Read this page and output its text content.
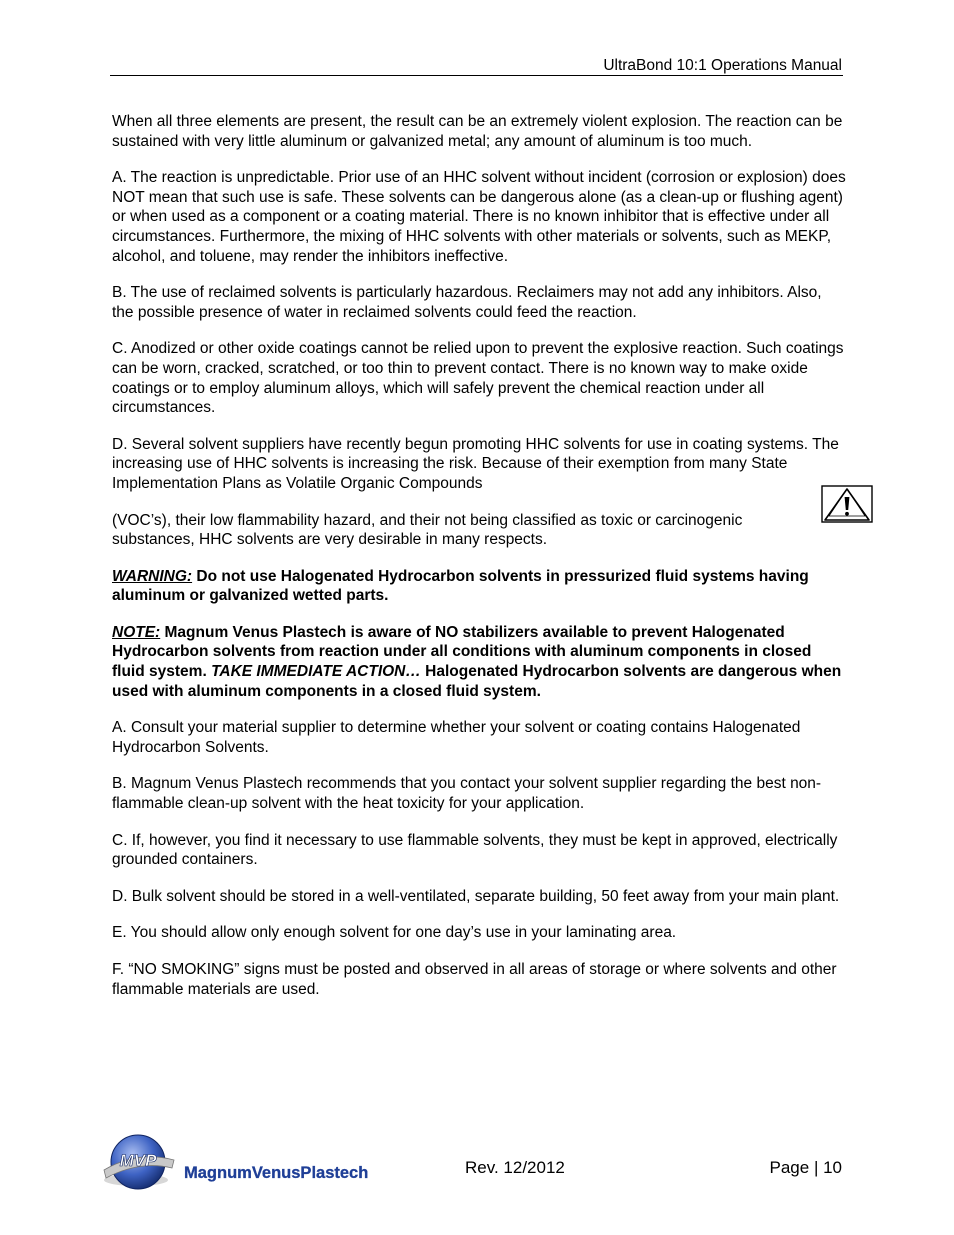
UltraBond 10:1 Operations Manual

When all three elements are present, the result can be an extremely violent explosion. The reaction can be sustained with very little aluminum or galvanized metal; any amount of aluminum is too much.

A. The reaction is unpredictable. Prior use of an HHC solvent without incident (corrosion or explosion) does NOT mean that such use is safe. These solvents can be dangerous alone (as a clean-up or flushing agent) or when used as a component or a coating material. There is no known inhibitor that is effective under all circumstances. Furthermore, the mixing of HHC solvents with other materials or solvents, such as MEKP, alcohol, and toluene, may render the inhibitors ineffective.

B. The use of reclaimed solvents is particularly hazardous. Reclaimers may not add any inhibitors. Also, the possible presence of water in reclaimed solvents could feed the reaction.

C. Anodized or other oxide coatings cannot be relied upon to prevent the explosive reaction. Such coatings can be worn, cracked, scratched, or too thin to prevent contact. There is no known way to make oxide coatings or to employ aluminum alloys, which will safely prevent the chemical reaction under all circumstances.

D. Several solvent suppliers have recently begun promoting HHC solvents for use in coating systems. The increasing use of HHC solvents is increasing the risk. Because of their exemption from many State Implementation Plans as Volatile Organic Compounds

(VOC’s), their low flammability hazard, and their not being classified as toxic or carcinogenic substances, HHC solvents are very desirable in many respects.

WARNING: Do not use Halogenated Hydrocarbon solvents in pressurized fluid systems having aluminum or galvanized wetted parts.

NOTE: Magnum Venus Plastech is aware of NO stabilizers available to prevent Halogenated Hydrocarbon solvents from reaction under all conditions with aluminum components in closed fluid system. TAKE IMMEDIATE ACTION… Halogenated Hydrocarbon solvents are dangerous when used with aluminum components in a closed fluid system.

A. Consult your material supplier to determine whether your solvent or coating contains Halogenated Hydrocarbon Solvents.

B. Magnum Venus Plastech recommends that you contact your solvent supplier regarding the best non-flammable clean-up solvent with the heat toxicity for your application.

C. If, however, you find it necessary to use flammable solvents, they must be kept in approved, electrically grounded containers.

D. Bulk solvent should be stored in a well-ventilated, separate building, 50 feet away from your main plant.

E. You should allow only enough solvent for one day’s use in your laminating area.

F. “NO SMOKING” signs must be posted and observed in all areas of storage or where solvents and other flammable materials are used.

MVP
MagnumVenusPlastech	Rev. 12/2012	Page | 10
